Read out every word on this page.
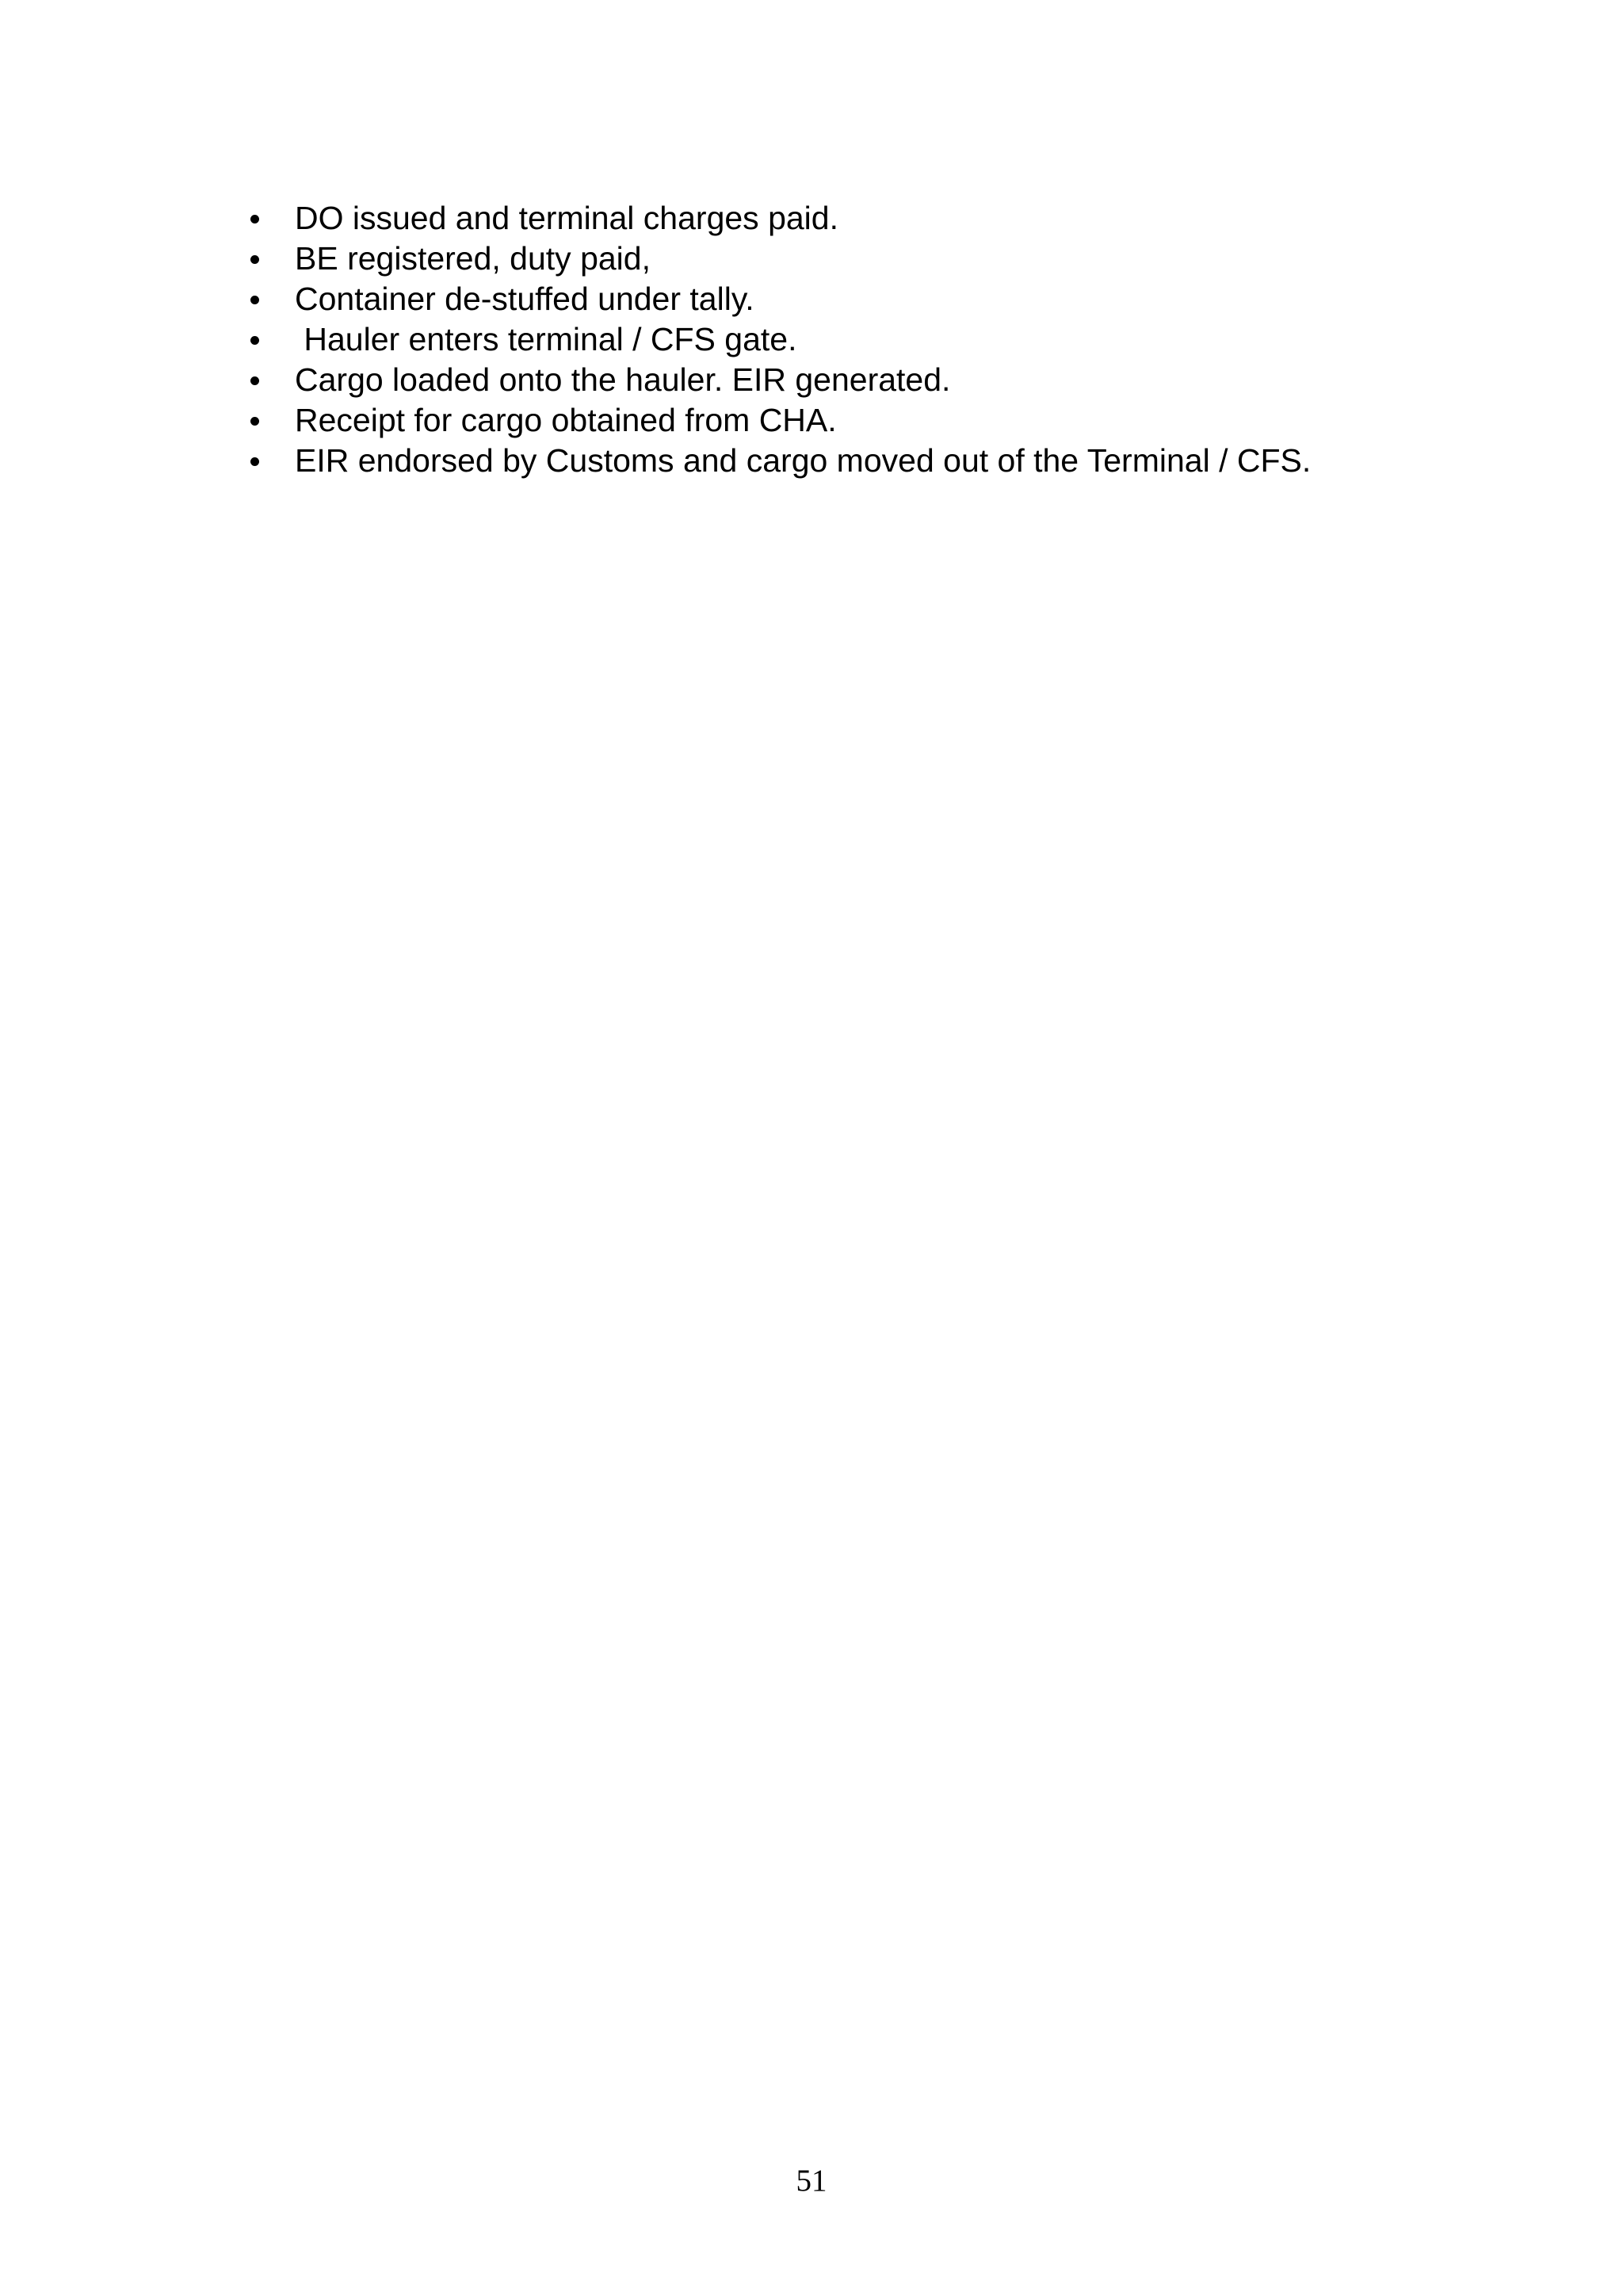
DO issued and terminal charges paid.
BE registered, duty paid,
Container de-stuffed under tally.
Hauler enters terminal / CFS gate.
Cargo loaded onto the hauler. EIR generated.
Receipt for cargo obtained from CHA.
EIR endorsed by Customs and cargo moved out of the Terminal / CFS.
51
